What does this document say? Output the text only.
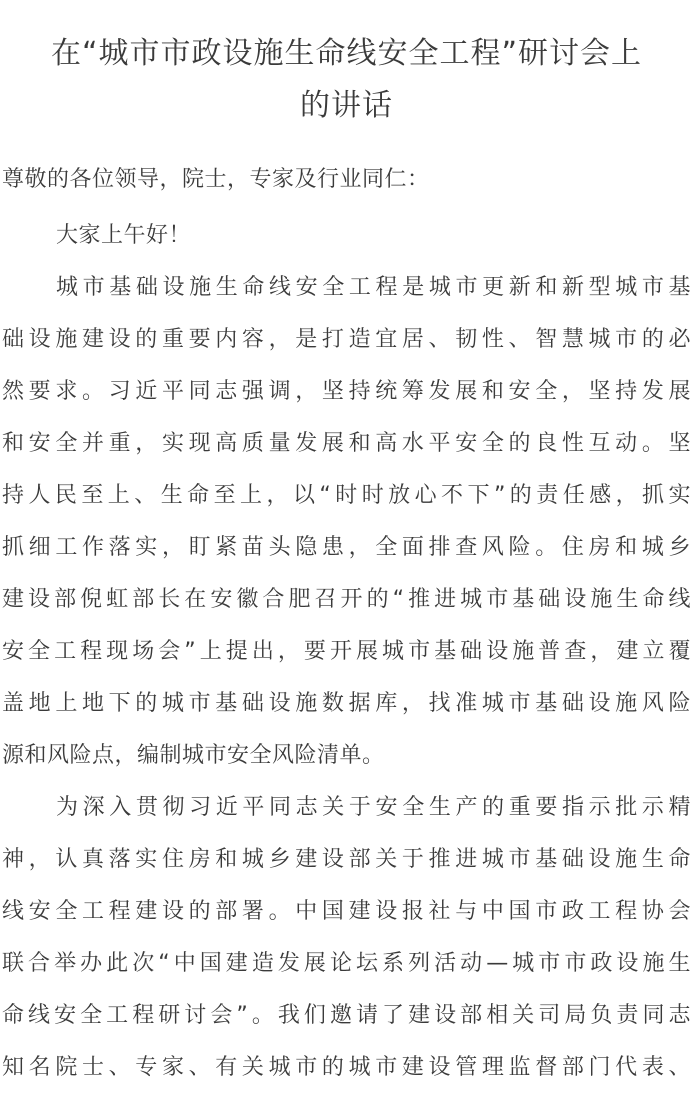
在“城市市政设施生命线安全工程”研讨会上
的讲话
尊敬的各位领导，院士，专家及行业同仁：
大家上午好！
城市基础设施生命线安全工程是城市更新和新型城市基
础设施建设的重要内容，是打造宜居、韧性、智慧城市的必
然要求。习近平同志强调，坚持统筹发展和安全，坚持发展
和安全并重，实现高质量发展和高水平安全的良性互动。坚
持人民至上、生命至上，以“时时放心不下”的责任感，抓实
抓细工作落实，盯紧苗头隐患，全面排查风险。住房和城乡
建设部倪虹部长在安徽合肥召开的“推进城市基础设施生命线
安全工程现场会”上提出，要开展城市基础设施普查，建立覆
盖地上地下的城市基础设施数据库，找准城市基础设施风险
源和风险点，编制城市安全风险清单。
为深入贯彻习近平同志关于安全生产的重要指示批示精
神，认真落实住房和城乡建设部关于推进城市基础设施生命
线安全工程建设的部署。中国建设报社与中国市政工程协会
联合举办此次“中国建造发展论坛系列活动—城市市政设施生
命线安全工程研讨会”。我们邀请了建设部相关司局负责同志
知名院士、专家、有关城市的城市建设管理监督部门代表、
